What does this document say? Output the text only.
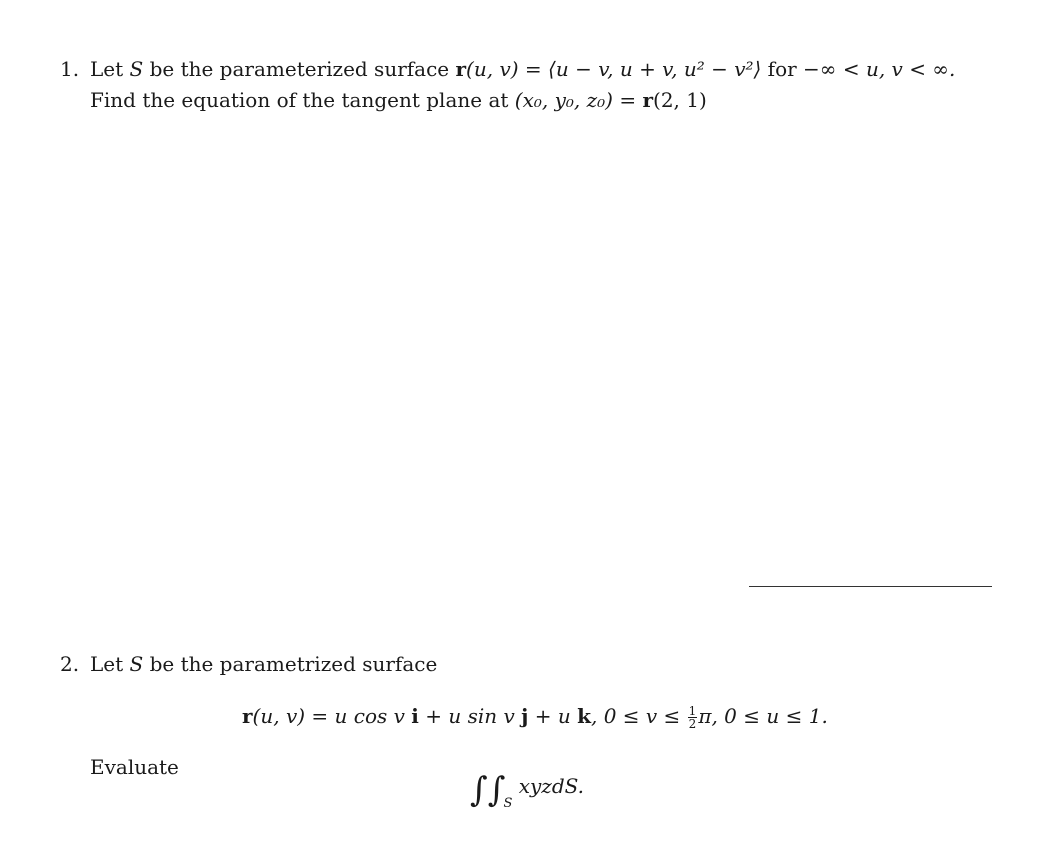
1. Let S be the parameterized surface r(u, v) = ⟨u − v, u + v, u² − v²⟩ for −∞ < u, v < ∞.
Find the equation of the tangent plane at (x₀, y₀, z₀) = r(2, 1)
2. Let S be the parametrized surface
r(u, v) = u cos v i + u sin v j + u k, $0 \le v \le \frac{1}{2} \pi$, 0 ≤ u ≤ 1.
Evaluate
∫∫S xyzdS.
